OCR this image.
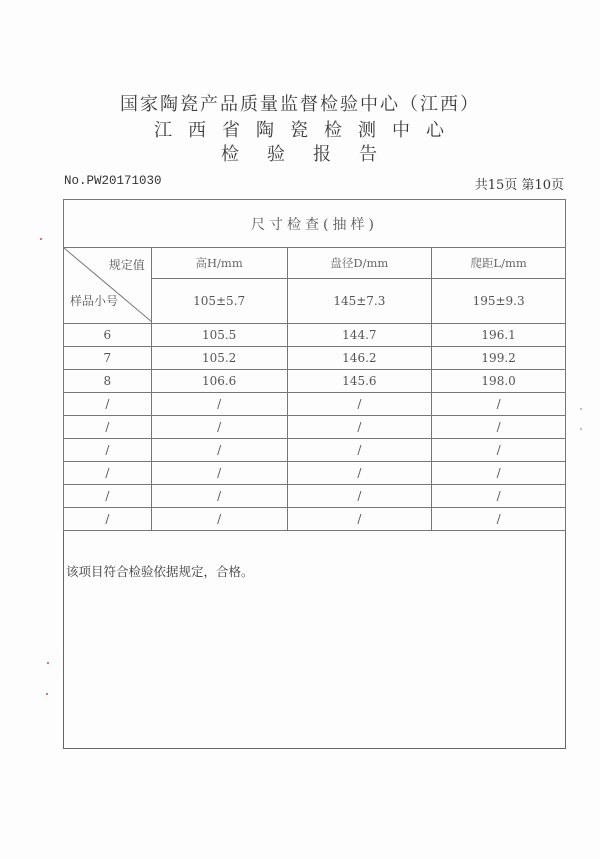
国家陶瓷产品质量监督检验中心（江西）
江西省陶瓷检测中心
检验报告
No.PW20171030	共15页 第10页
尺寸检查(抽样)			

规定值
样品小号	高H/mm	盘径D/mm	爬距L/mm
	105±5.7	145±7.3	195±9.3
6	105.5	144.7	196.1
7	105.2	146.2	199.2
8	106.6	145.6	198.0
/	/	/	/
/	/	/	/
/	/	/	/
/	/	/	/
/	/	/	/
/	/	/	/
该项目符合检验依据规定，合格。
